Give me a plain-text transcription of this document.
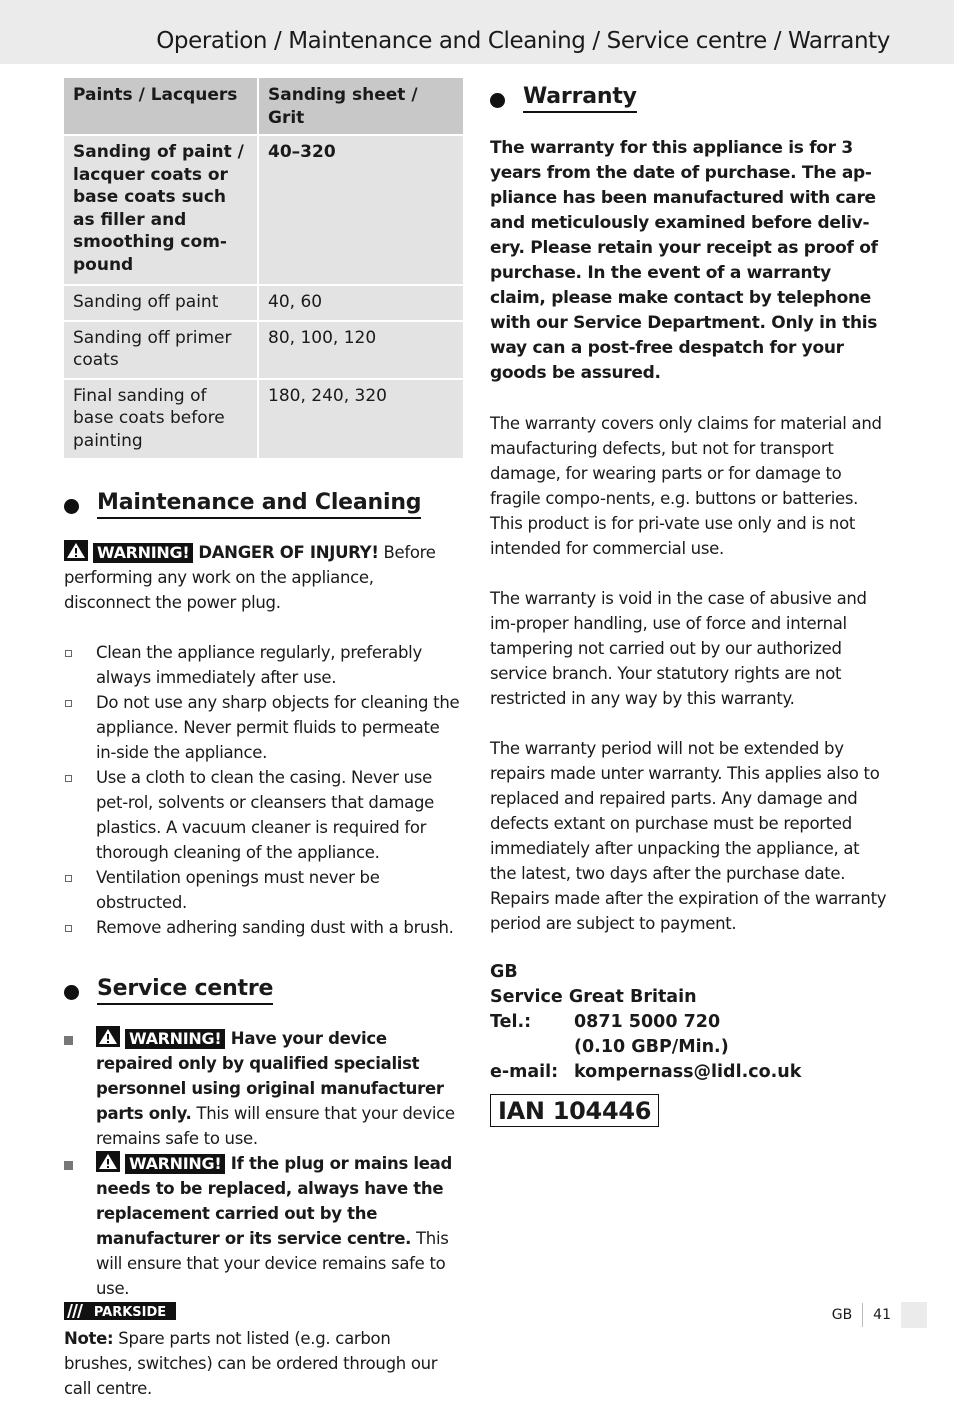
Operation / Maintenance and Cleaning / Service centre / Warranty
Paints / Lacquers	Sanding sheet / Grit
Sanding of paint / lacquer coats or base coats such as filler and smoothing com-pound	40–320
Sanding off paint	40, 60
Sanding off primer coats	80, 100, 120
Final sanding of base coats before painting	180, 240, 320
Maintenance and Cleaning

WARNING! DANGER OF INJURY! Before performing any work on the appliance, disconnect the power plug.

Clean the appliance regularly, preferably always immediately after use.
Do not use any sharp objects for cleaning the appliance. Never permit fluids to permeate in-side the appliance.
Use a cloth to clean the casing. Never use pet-rol, solvents or cleansers that damage plastics. A vacuum cleaner is required for thorough cleaning of the appliance.
Ventilation openings must never be obstructed.
Remove adhering sanding dust with a brush.
Service centre
WARNING! Have your device repaired only by qualified specialist personnel using original manufacturer parts only. This will ensure that your device remains safe to use.
WARNING! If the plug or mains lead needs to be replaced, always have the replacement carried out by the manufacturer or its service centre. This will ensure that your device remains safe to use.

Note: Spare parts not listed (e.g. carbon brushes, switches) can be ordered through our call centre.

Warranty

The warranty for this appliance is for 3 years from the date of purchase. The ap-pliance has been manufactured with care and meticulously examined before deliv-ery. Please retain your receipt as proof of purchase. In the event of a warranty claim, please make contact by telephone with our Service Department. Only in this way can a post-free despatch for your goods be assured.

The warranty covers only claims for material and maufacturing defects, but not for transport damage, for wearing parts or for damage to fragile compo-nents, e.g. buttons or batteries. This product is for pri-vate use only and is not intended for commercial use.

The warranty is void in the case of abusive and im-proper handling, use of force and internal tampering not carried out by our authorized service branch. Your statutory rights are not restricted in any way by this warranty.

The warranty period will not be extended by repairs made unter warranty. This applies also to replaced and repaired parts. Any damage and defects extant on purchase must be reported immediately after unpacking the appliance, at the latest, two days after the purchase date. Repairs made after the expiration of the warranty period are subject to payment.

GB
Service Great Britain
Tel.:	0871 5000 720
(0.10 GBP/Min.)
e-mail: kompernass@lidl.co.uk
IAN 104446
PARKSIDE	GB	41
